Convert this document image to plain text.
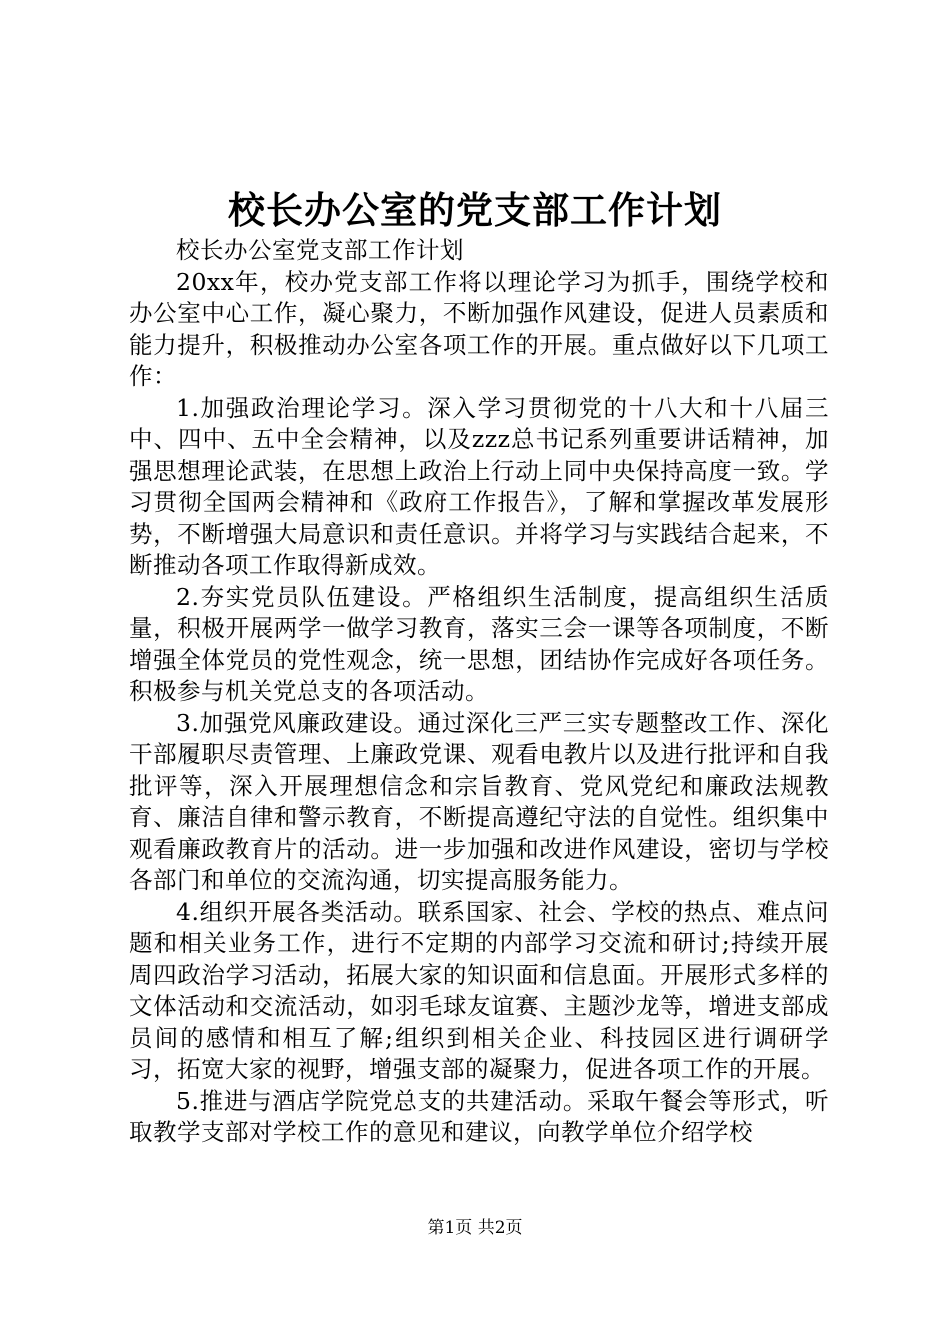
校长办公室的党支部工作计划

校长办公室党支部工作计划

20xx年，校办党支部工作将以理论学习为抓手，围绕学校和办公室中心工作，凝心聚力，不断加强作风建设，促进人员素质和能力提升，积极推动办公室各项工作的开展。重点做好以下几项工作：

1.加强政治理论学习。深入学习贯彻党的十八大和十八届三中、四中、五中全会精神，以及zzz总书记系列重要讲话精神，加强思想理论武装，在思想上政治上行动上同中央保持高度一致。学习贯彻全国两会精神和《政府工作报告》，了解和掌握改革发展形势，不断增强大局意识和责任意识。并将学习与实践结合起来，不断推动各项工作取得新成效。

2.夯实党员队伍建设。严格组织生活制度，提高组织生活质量，积极开展两学一做学习教育，落实三会一课等各项制度，不断增强全体党员的党性观念，统一思想，团结协作完成好各项任务。积极参与机关党总支的各项活动。

3.加强党风廉政建设。通过深化三严三实专题整改工作、深化干部履职尽责管理、上廉政党课、观看电教片以及进行批评和自我批评等，深入开展理想信念和宗旨教育、党风党纪和廉政法规教育、廉洁自律和警示教育，不断提高遵纪守法的自觉性。组织集中观看廉政教育片的活动。进一步加强和改进作风建设，密切与学校各部门和单位的交流沟通，切实提高服务能力。

4.组织开展各类活动。联系国家、社会、学校的热点、难点问题和相关业务工作，进行不定期的内部学习交流和研讨;持续开展周四政治学习活动，拓展大家的知识面和信息面。开展形式多样的文体活动和交流活动，如羽毛球友谊赛、主题沙龙等，增进支部成员间的感情和相互了解;组织到相关企业、科技园区进行调研学习，拓宽大家的视野，增强支部的凝聚力，促进各项工作的开展。

5.推进与酒店学院党总支的共建活动。采取午餐会等形式，听取教学支部对学校工作的意见和建议，向教学单位介绍学校

第1页 共2页
